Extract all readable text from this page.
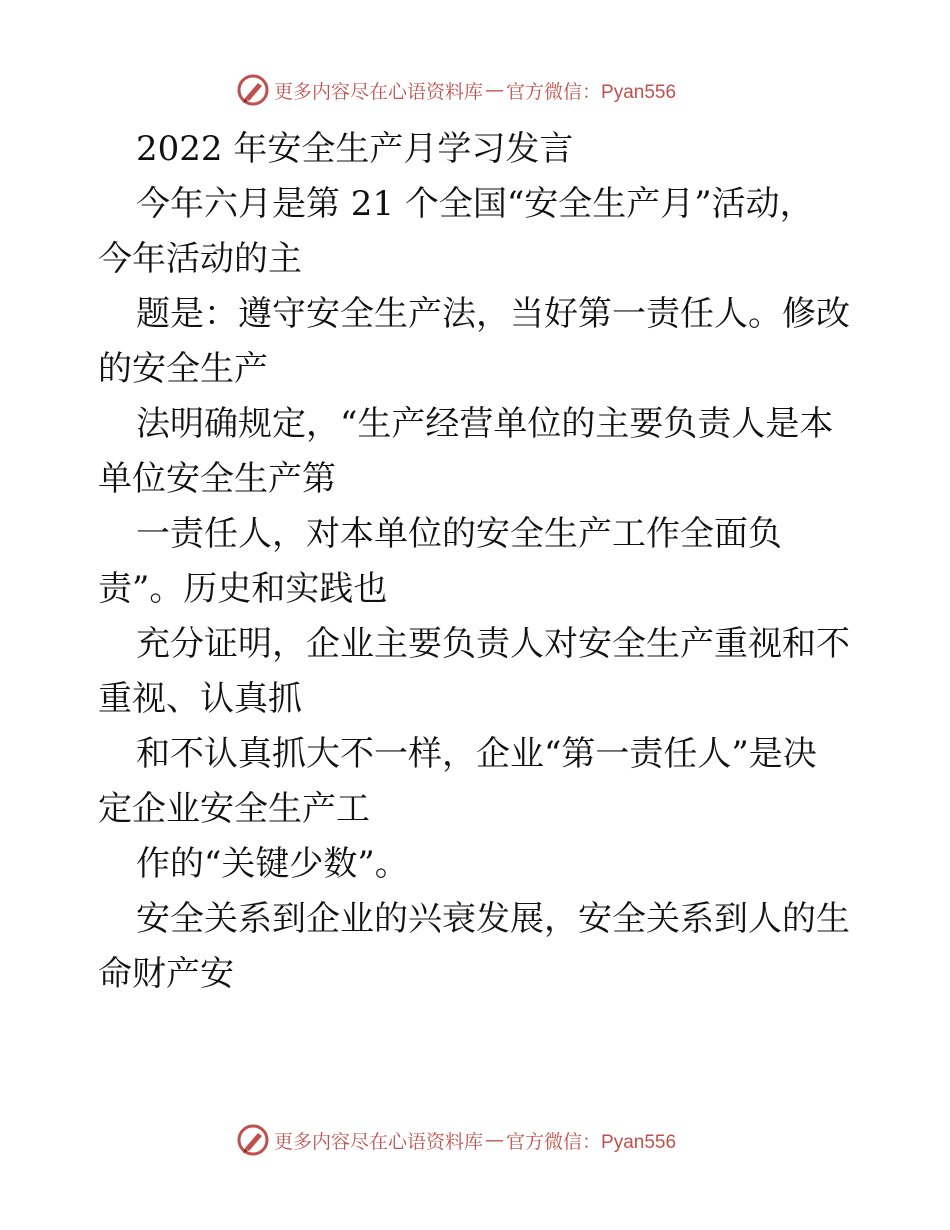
更多内容尽在心语资料库 — 官方微信：Pyan556
2022 年安全生产月学习发言
今年六月是第 21 个全国“安全生产月”活动，
今年活动的主
题是：遵守安全生产法，当好第一责任人。修改
的安全生产
法明确规定，“生产经营单位的主要负责人是本
单位安全生产第
一责任人，对本单位的安全生产工作全面负
责”。历史和实践也
充分证明，企业主要负责人对安全生产重视和不
重视、认真抓
和不认真抓大不一样，企业“第一责任人”是决
定企业安全生产工
作的“关键少数”。
安全关系到企业的兴衰发展，安全关系到人的生
命财产安
更多内容尽在心语资料库 — 官方微信：Pyan556
